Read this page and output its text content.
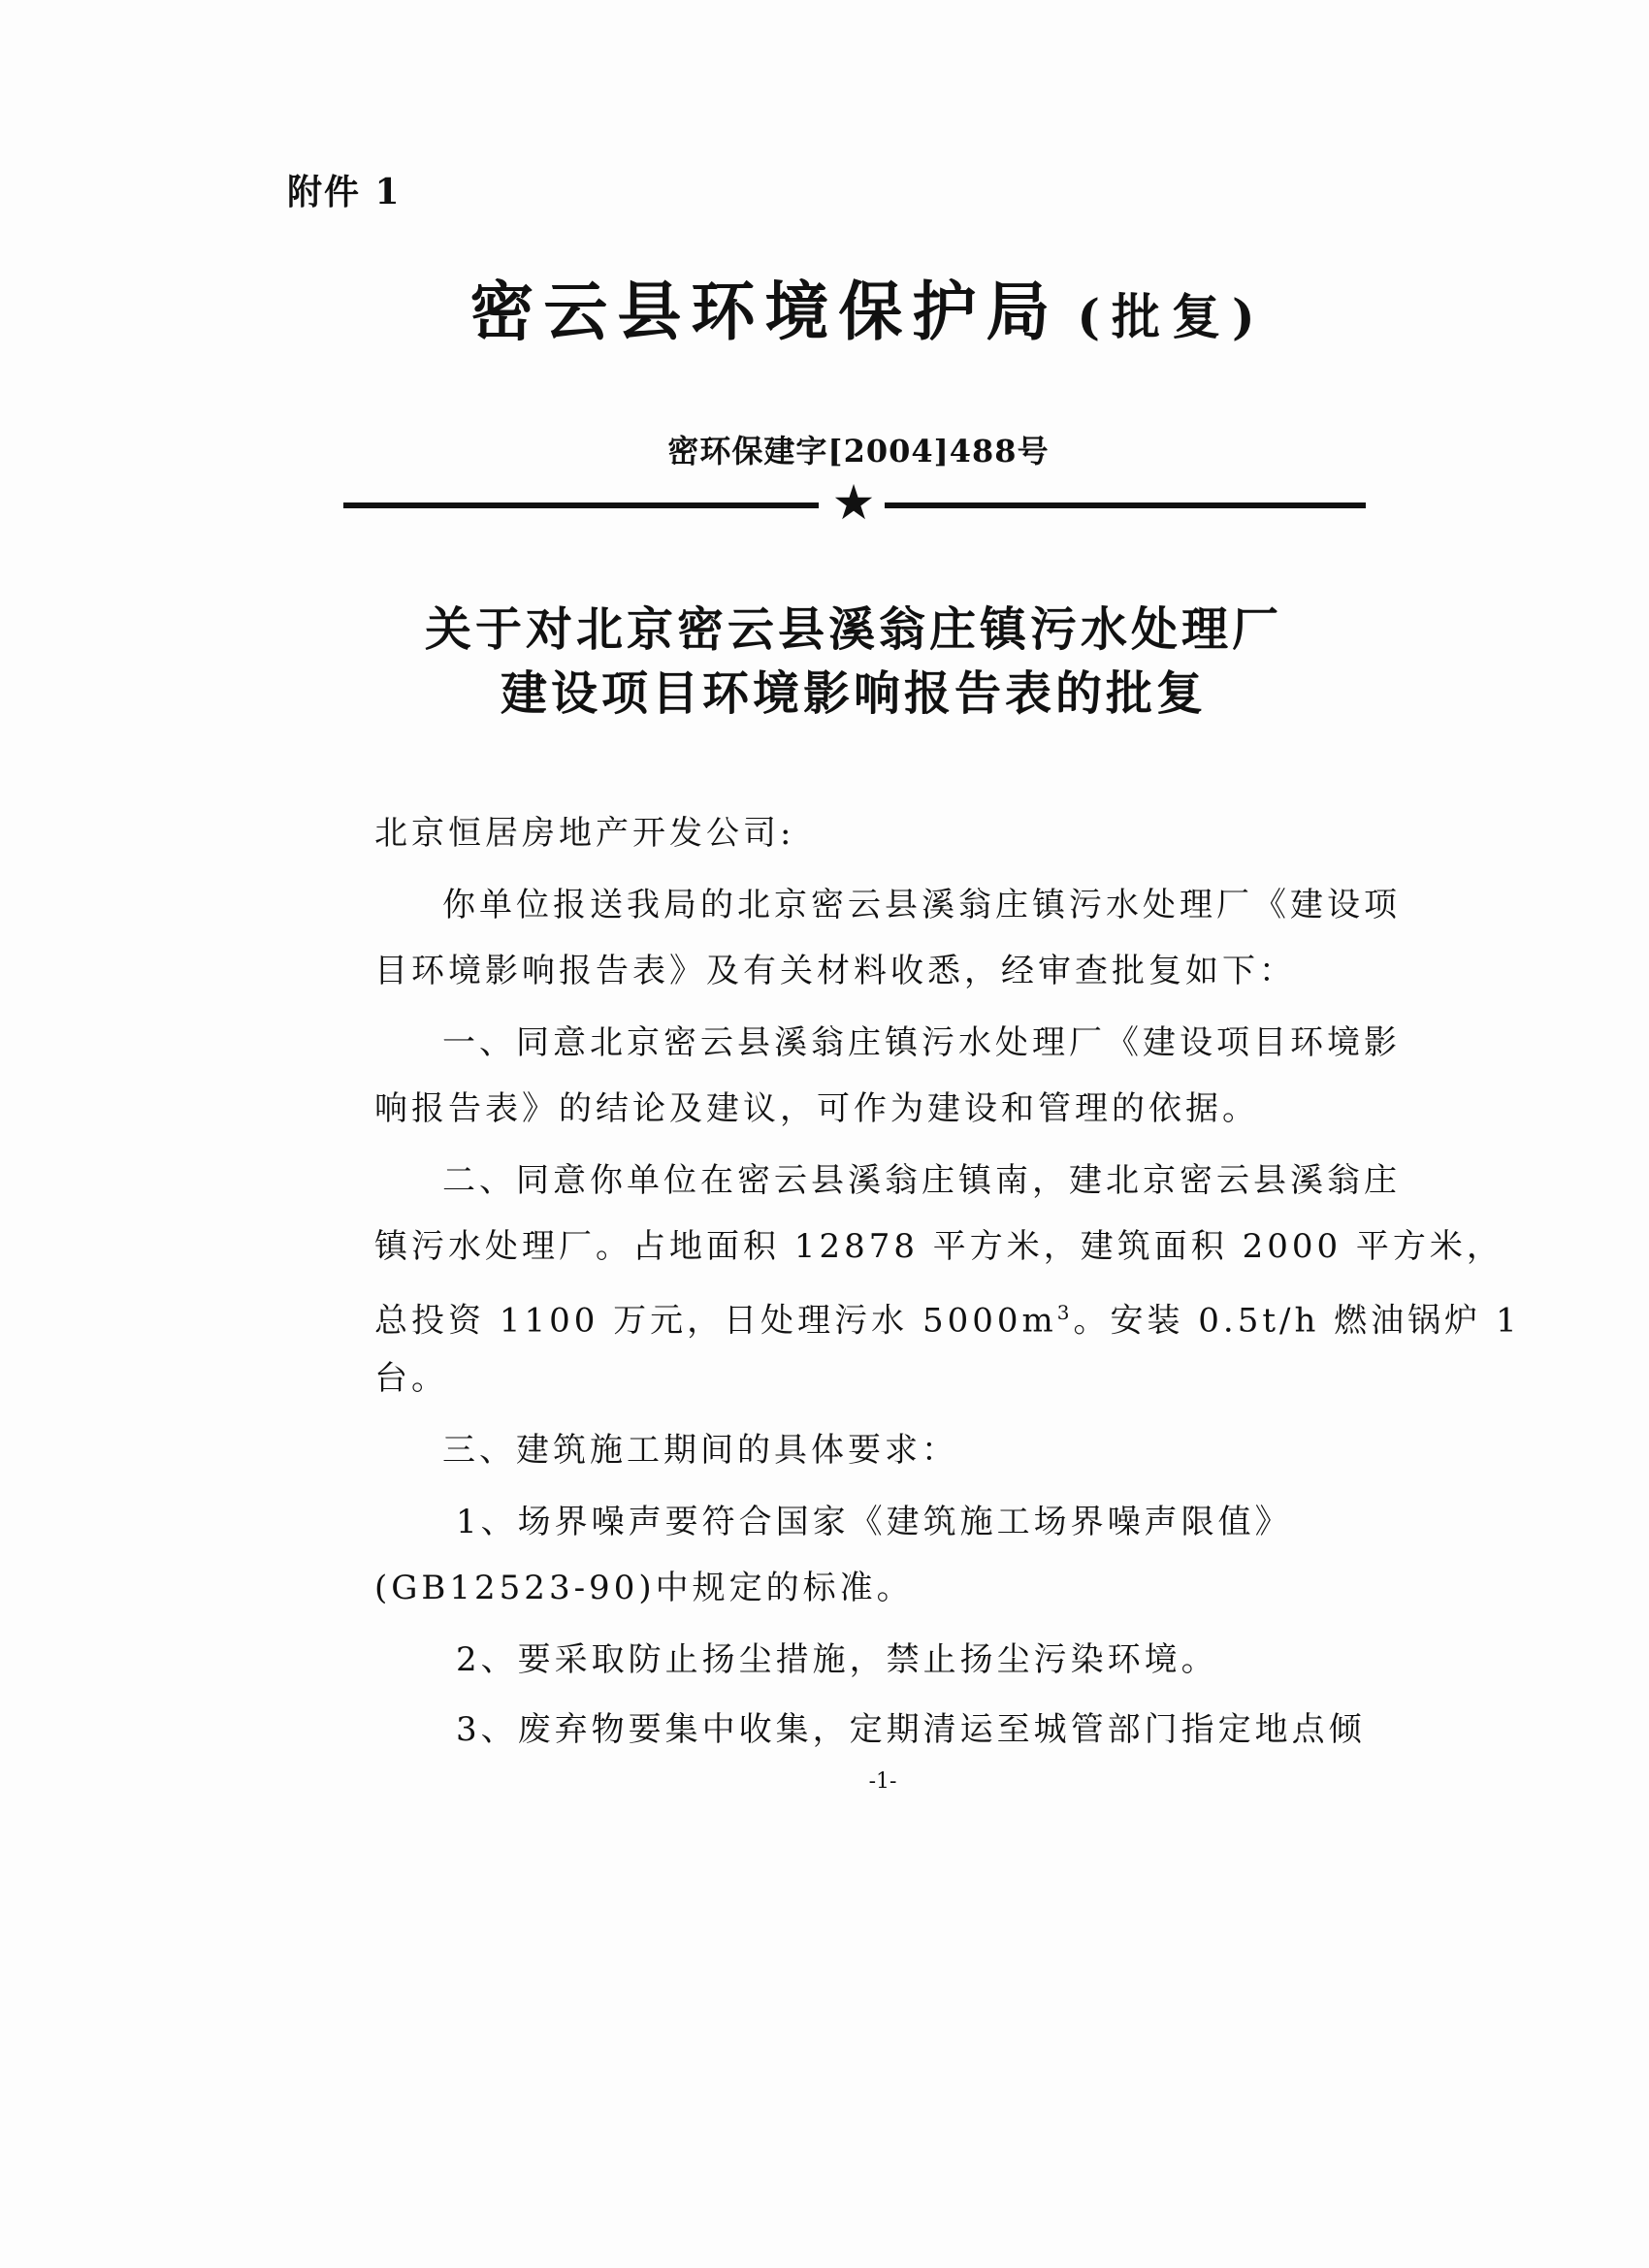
附件 1
密云县环境保护局 (批复)
密环保建字[2004]488号
★
关于对北京密云县溪翁庄镇污水处理厂
建设项目环境影响报告表的批复
北京恒居房地产开发公司:
你单位报送我局的北京密云县溪翁庄镇污水处理厂《建设项
目环境影响报告表》及有关材料收悉，经审查批复如下：
一、同意北京密云县溪翁庄镇污水处理厂《建设项目环境影
响报告表》的结论及建议，可作为建设和管理的依据。
二、同意你单位在密云县溪翁庄镇南，建北京密云县溪翁庄
镇污水处理厂。占地面积 12878 平方米，建筑面积 2000 平方米，
总投资 1100 万元，日处理污水 $5000m^3$。安装 0.5t/h 燃油锅炉 1
台。
三、建筑施工期间的具体要求：
1、场界噪声要符合国家《建筑施工场界噪声限值》
(GB12523-90)中规定的标准。
2、要采取防止扬尘措施，禁止扬尘污染环境。
3、废弃物要集中收集，定期清运至城管部门指定地点倾
-1-
